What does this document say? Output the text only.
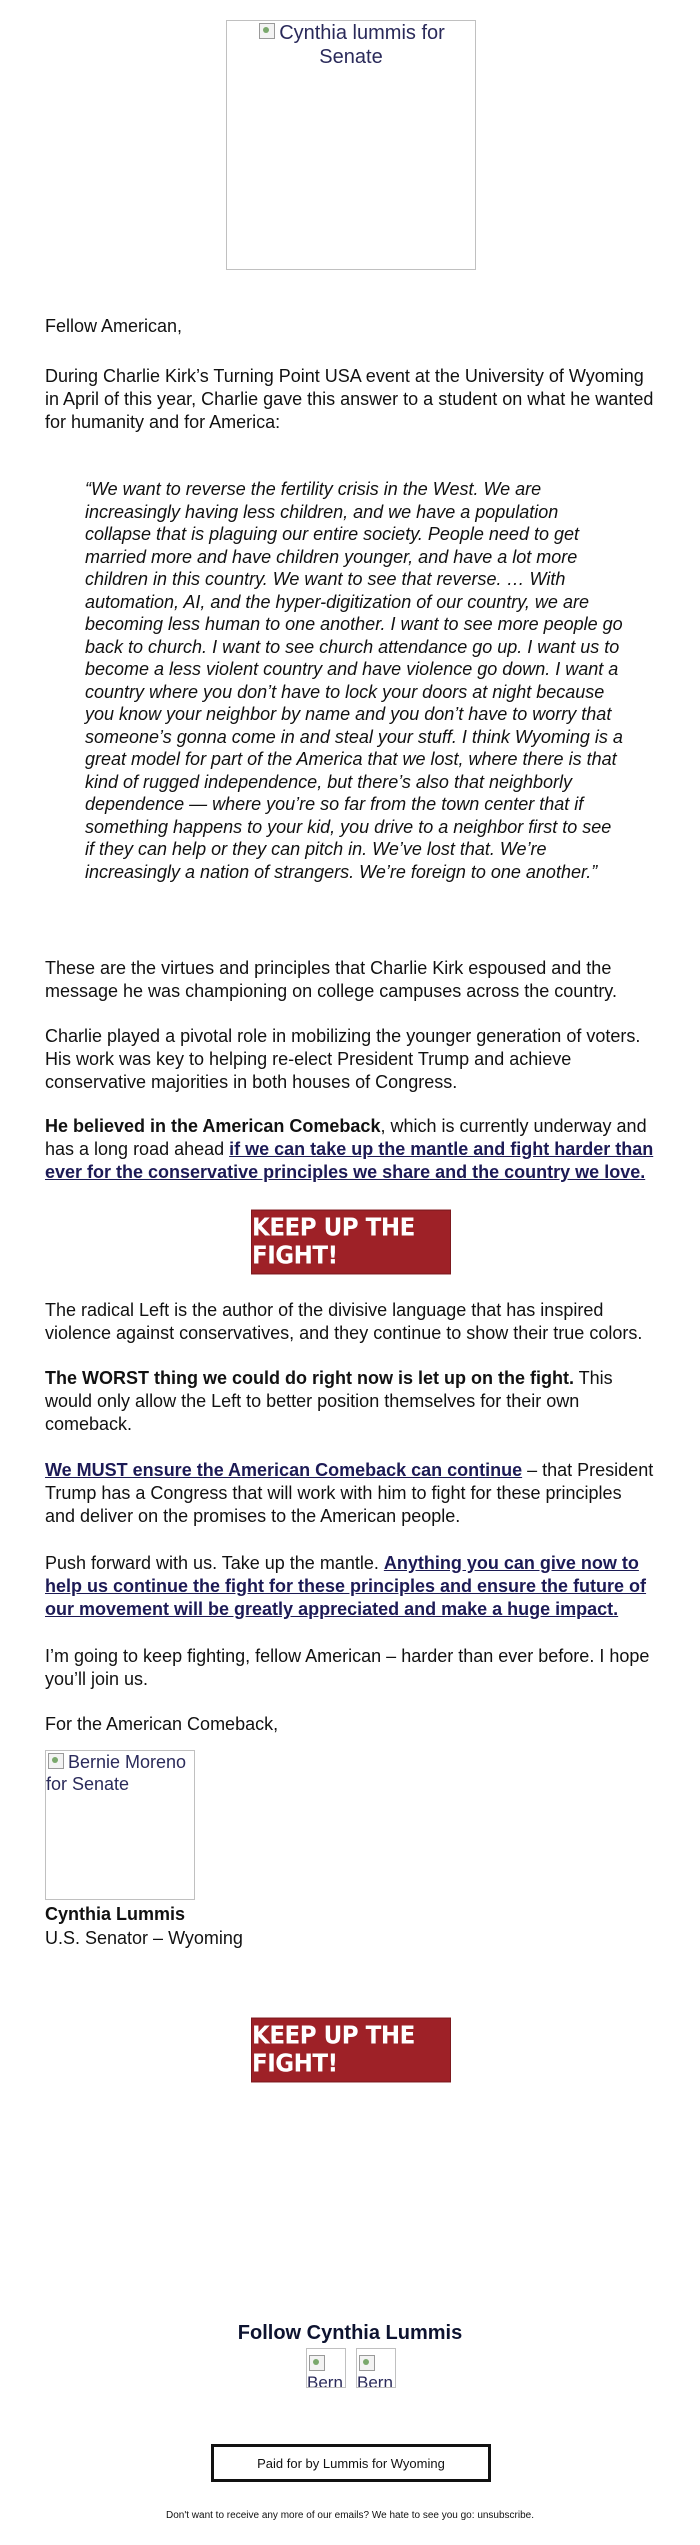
Cynthia lummis for Senate

Fellow American,

During Charlie Kirk’s Turning Point USA event at the University of Wyoming in April of this year, Charlie gave this answer to a student on what he wanted for humanity and for America:

“We want to reverse the fertility crisis in the West. We are increasingly having less children, and we have a population collapse that is plaguing our entire society. People need to get married more and have children younger, and have a lot more children in this country. We want to see that reverse. … With automation, AI, and the hyper-digitization of our country, we are becoming less human to one another. I want to see more people go back to church. I want to see church attendance go up. I want us to become a less violent country and have violence go down. I want a country where you don’t have to lock your doors at night because you know your neighbor by name and you don’t have to worry that someone’s gonna come in and steal your stuff. I think Wyoming is a great model for part of the America that we lost, where there is that kind of rugged independence, but there’s also that neighborly dependence — where you’re so far from the town center that if something happens to your kid, you drive to a neighbor first to see if they can help or they can pitch in. We’ve lost that. We’re increasingly a nation of strangers. We’re foreign to one another.”

These are the virtues and principles that Charlie Kirk espoused and the message he was championing on college campuses across the country.

Charlie played a pivotal role in mobilizing the younger generation of voters. His work was key to helping re-elect President Trump and achieve conservative majorities in both houses of Congress.

He believed in the American Comeback, which is currently underway and has a long road ahead if we can take up the mantle and fight harder than ever for the conservative principles we share and the country we love.

KEEP UP THE FIGHT!

The radical Left is the author of the divisive language that has inspired violence against conservatives, and they continue to show their true colors.

The WORST thing we could do right now is let up on the fight. This would only allow the Left to better position themselves for their own comeback.

We MUST ensure the American Comeback can continue – that President Trump has a Congress that will work with him to fight for these principles and deliver on the promises to the American people.

Push forward with us. Take up the mantle. Anything you can give now to help us continue the fight for these principles and ensure the future of our movement will be greatly appreciated and make a huge impact.

I’m going to keep fighting, fellow American – harder than ever before. I hope you’ll join us.

For the American Comeback,

Bernie Moreno for Senate
Cynthia Lummis
U.S. Senator – Wyoming
KEEP UP THE FIGHT!
Follow Cynthia Lummis
Bern Bern
Paid for by Lummis for Wyoming
Don't want to receive any more of our emails? We hate to see you go: unsubscribe.
